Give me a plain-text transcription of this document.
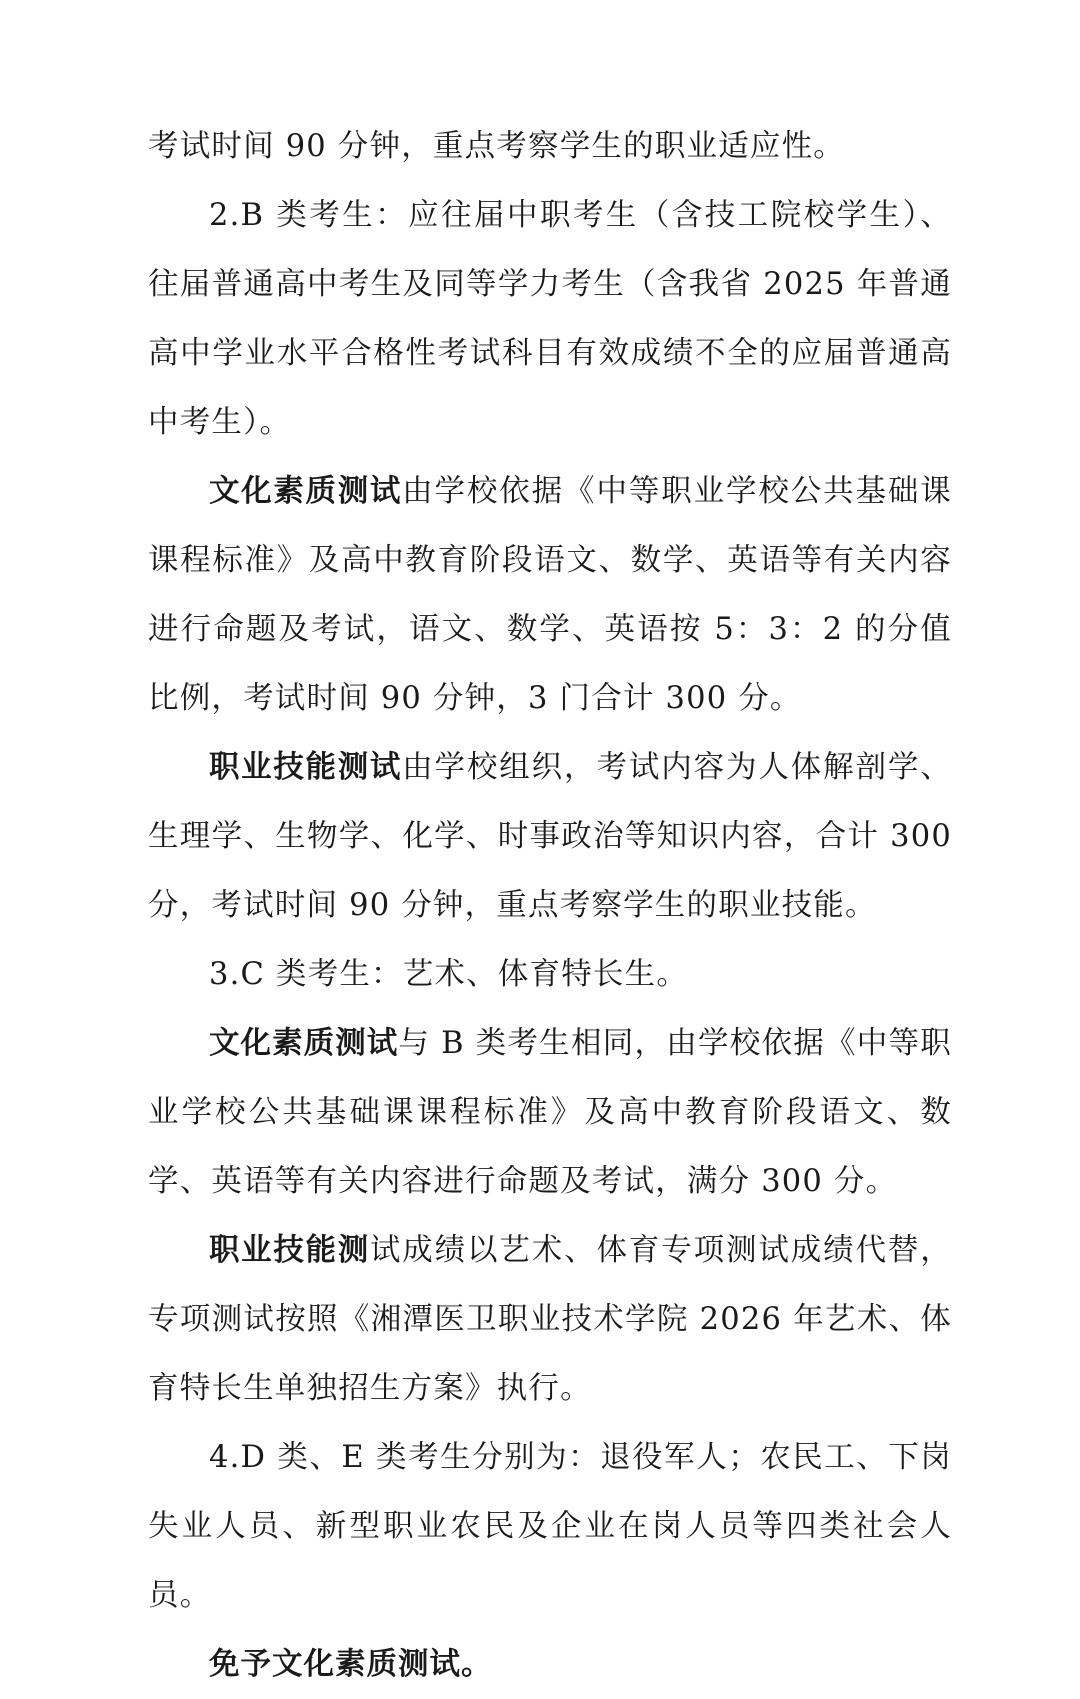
考试时间 90 分钟，重点考察学生的职业适应性。

2.B 类考生：应往届中职考生（含技工院校学生）、往届普通高中考生及同等学力考生（含我省 2025 年普通高中学业水平合格性考试科目有效成绩不全的应届普通高中考生）。

文化素质测试由学校依据《中等职业学校公共基础课课程标准》及高中教育阶段语文、数学、英语等有关内容进行命题及考试，语文、数学、英语按 5：3：2 的分值比例，考试时间 90 分钟，3 门合计 300 分。

职业技能测试由学校组织，考试内容为人体解剖学、生理学、生物学、化学、时事政治等知识内容，合计 300 分，考试时间 90 分钟，重点考察学生的职业技能。

3.C 类考生：艺术、体育特长生。

文化素质测试与 B 类考生相同，由学校依据《中等职业学校公共基础课课程标准》及高中教育阶段语文、数学、英语等有关内容进行命题及考试，满分 300 分。

职业技能测试成绩以艺术、体育专项测试成绩代替，专项测试按照《湘潭医卫职业技术学院 2026 年艺术、体育特长生单独招生方案》执行。

4.D 类、E 类考生分别为：退役军人；农民工、下岗失业人员、新型职业农民及企业在岗人员等四类社会人员。

免予文化素质测试。
